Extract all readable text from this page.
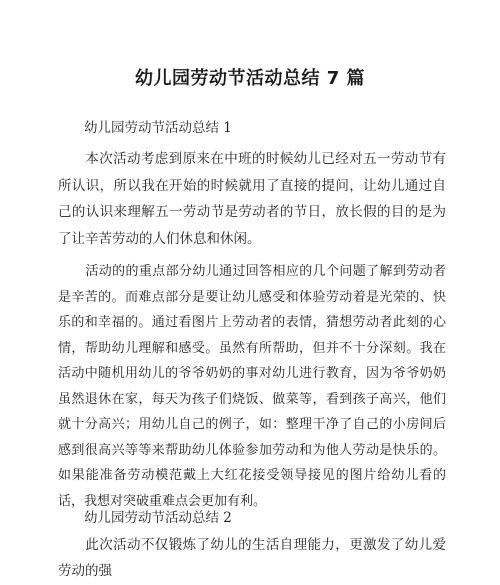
幼儿园劳动节活动总结 7 篇
幼儿园劳动节活动总结 1
本次活动考虑到原来在中班的时候幼儿已经对五一劳动节有所认识，所以我在开始的时候就用了直接的提问，让幼儿通过自己的认识来理解五一劳动节是劳动者的节日，放长假的目的是为了让辛苦劳动的人们休息和休闲。
活动的的重点部分幼儿通过回答相应的几个问题了解到劳动者是辛苦的。而难点部分是要让幼儿感受和体验劳动着是光荣的、快乐的和幸福的。通过看图片上劳动者的表情，猜想劳动者此刻的心情，帮助幼儿理解和感受。虽然有所帮助，但并不十分深刻。我在活动中随机用幼儿的爷爷奶奶的事对幼儿进行教育，因为爷爷奶奶虽然退休在家，每天为孩子们烧饭、做菜等，看到孩子高兴，他们就十分高兴；用幼儿自己的例子，如：整理干净了自己的小房间后感到很高兴等等来帮助幼儿体验参加劳动和为他人劳动是快乐的。如果能准备劳动模范戴上大红花接受领导接见的图片给幼儿看的话，我想对突破重难点会更加有利。
幼儿园劳动节活动总结 2
此次活动不仅锻炼了幼儿的生活自理能力，更激发了幼儿爱劳动的强
